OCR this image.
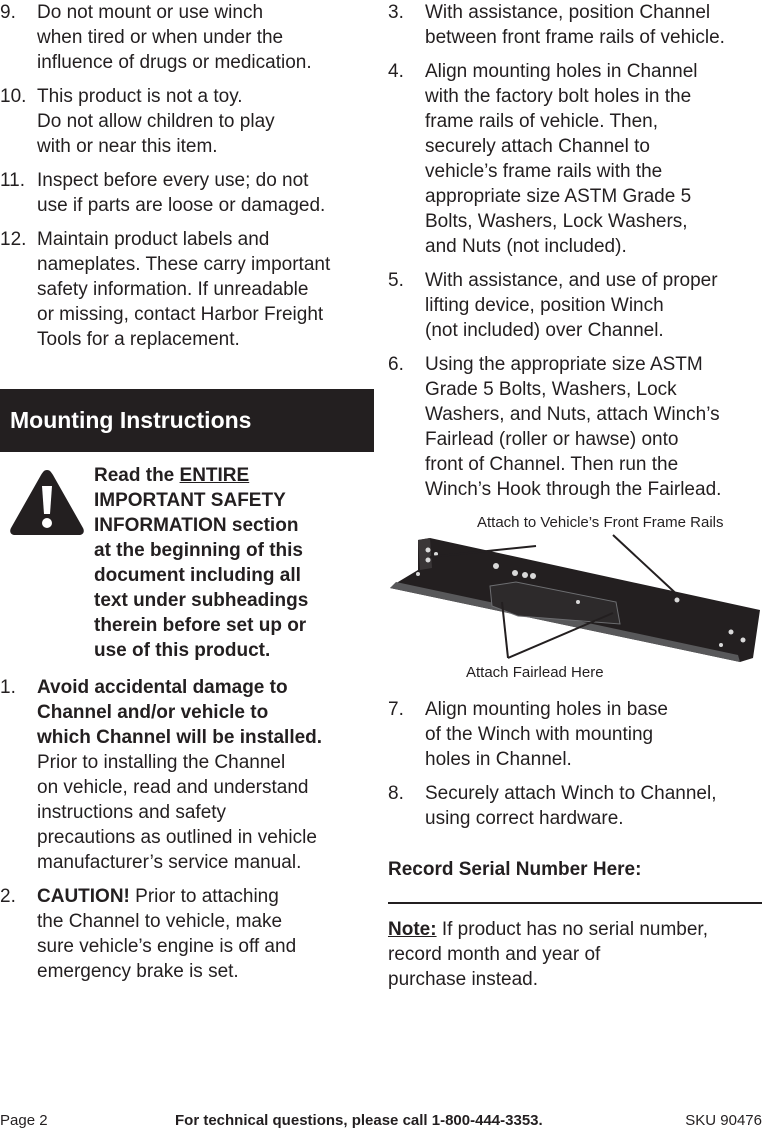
9.	Do not mount or use winch
when tired or when under the
influence of drugs or medication.
10. This product is not a toy.
Do not allow children to play
with or near this item.
11. Inspect before every use; do not
use if parts are loose or damaged.
12. Maintain product labels and
nameplates. These carry important
safety information. If unreadable
or missing, contact Harbor Freight
Tools for a replacement.
Mounting Instructions
Read the ENTIRE
IMPORTANT SAFETY
INFORMATION section
at the beginning of this
document including all
text under subheadings
therein before set up or
use of this product.
1.	Avoid accidental damage to
Channel and/or vehicle to
which Channel will be installed.
Prior to installing the Channel
on vehicle, read and understand
instructions and safety
precautions as outlined in vehicle
manufacturer’s service manual.
2.	CAUTION! Prior to attaching
the Channel to vehicle, make
sure vehicle’s engine is off and
emergency brake is set.
3.	With assistance, position Channel
between front frame rails of vehicle.
4.	Align mounting holes in Channel
with the factory bolt holes in the
frame rails of vehicle. Then,
securely attach Channel to
vehicle’s frame rails with the
appropriate size ASTM Grade 5
Bolts, Washers, Lock Washers,
and Nuts (not included).
5.	With assistance, and use of proper
lifting device, position Winch
(not included) over Channel.
6.	Using the appropriate size ASTM
Grade 5 Bolts, Washers, Lock
Washers, and Nuts, attach Winch’s
Fairlead (roller or hawse) onto
front of Channel. Then run the
Winch’s Hook through the Fairlead.
Attach to Vehicle’s Front Frame Rails
Attach Fairlead Here
7.	Align mounting holes in base
of the Winch with mounting
holes in Channel.
8.	Securely attach Winch to Channel,
using correct hardware.
Record Serial Number Here:
Note: If product has no serial number,
record month and year of
purchase instead.
Page 2	For technical questions, please call 1-800-444-3353.	SKU 90476
